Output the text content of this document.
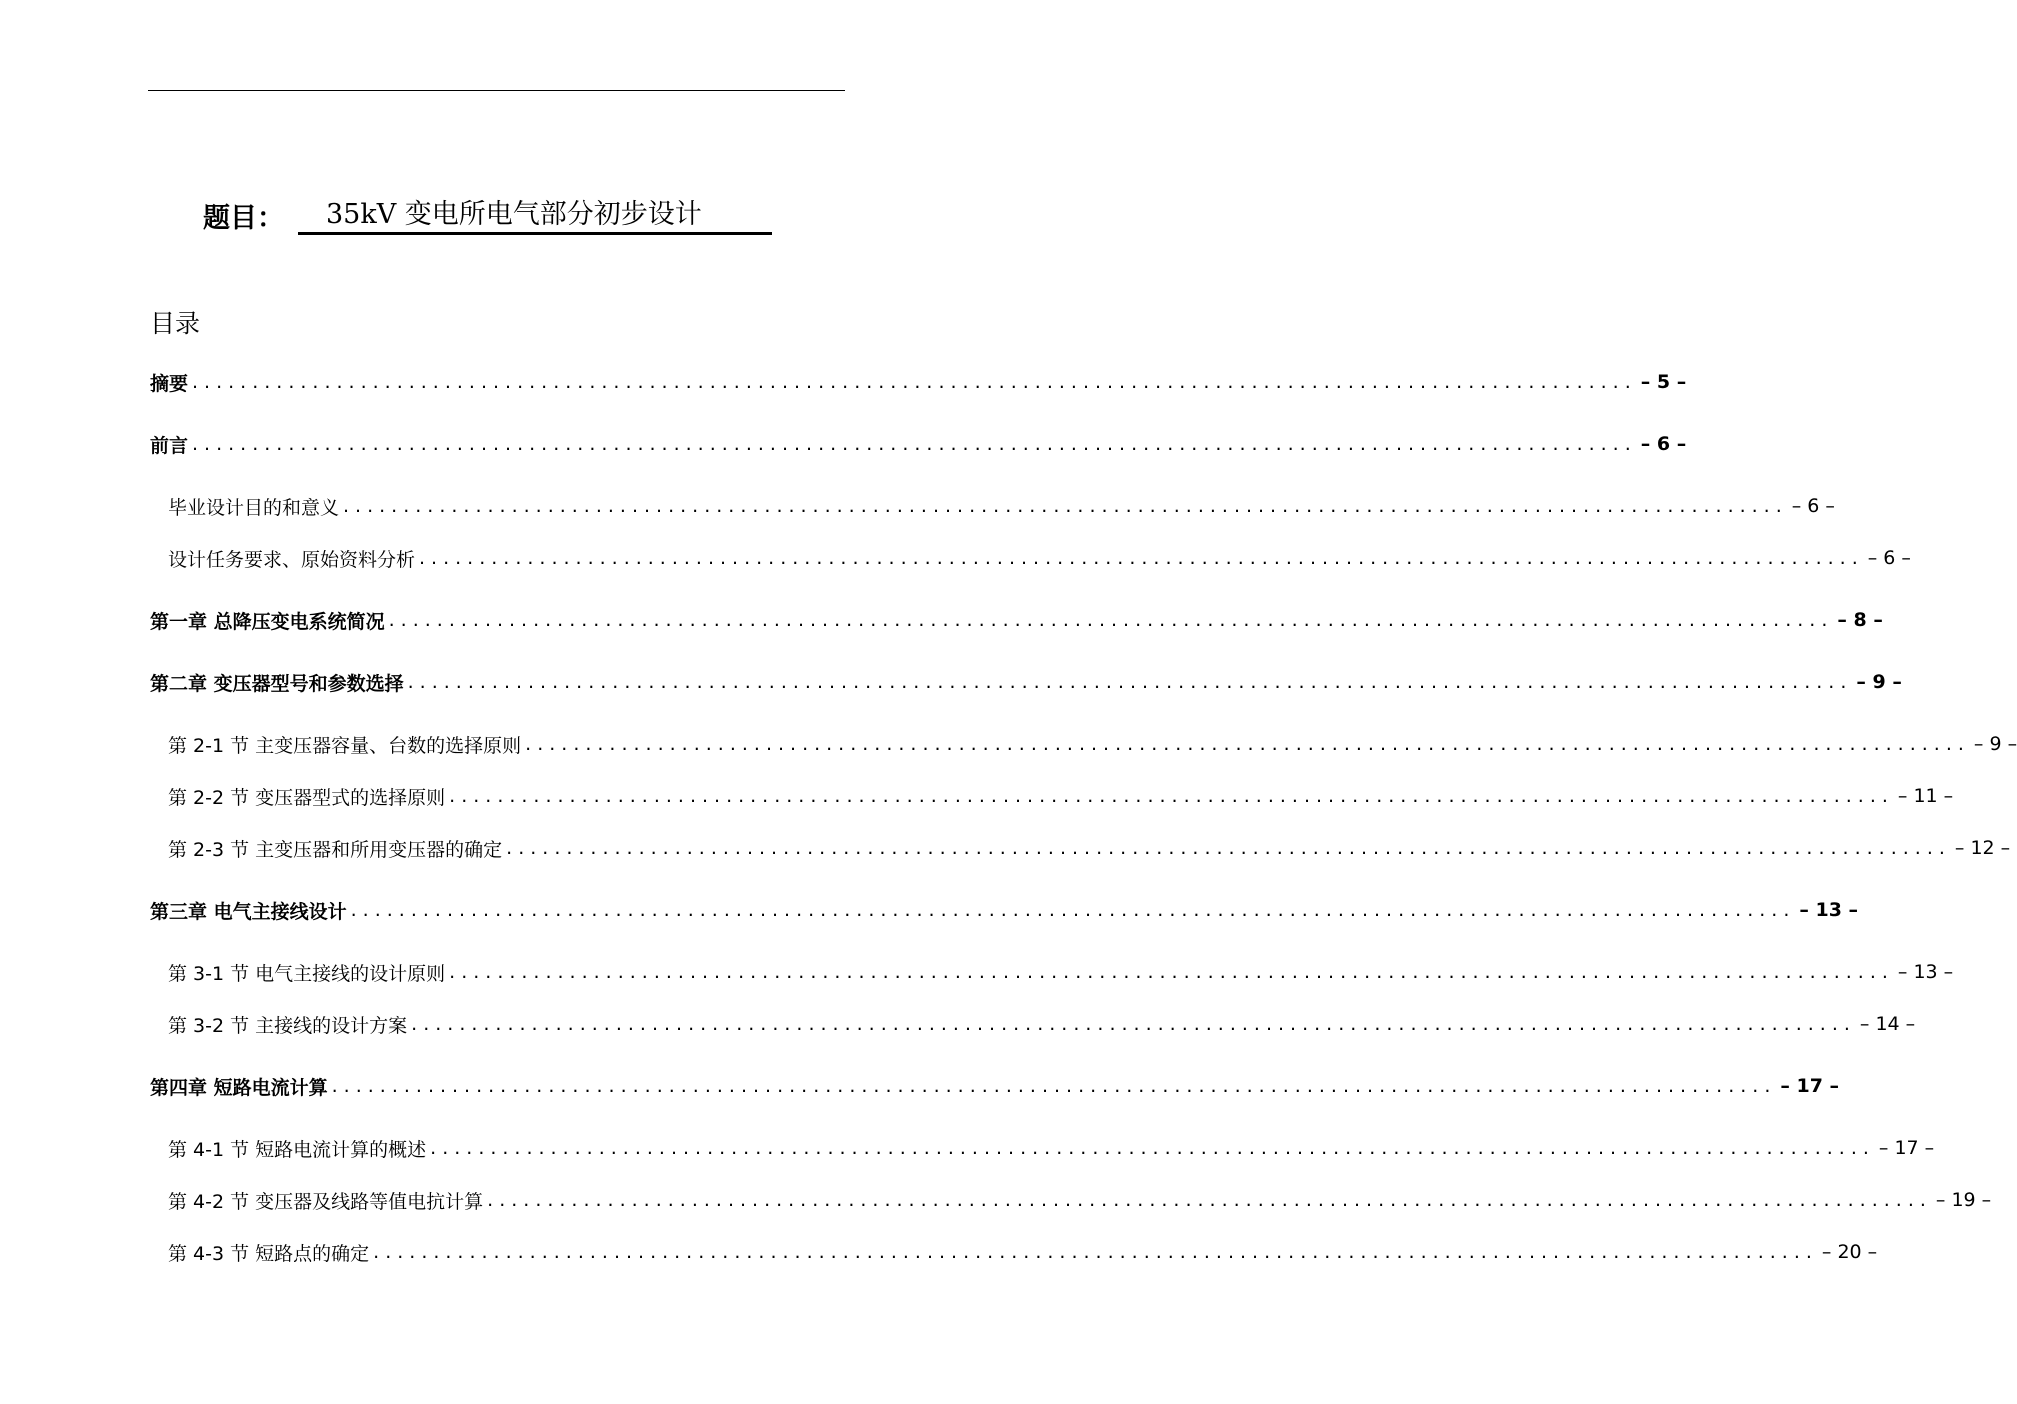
题目：	35kV 变电所电气部分初步设计
目录
摘要 ........................................................................................................................ – 5 –
前言 ........................................................................................................................ – 6 –
毕业设计目的和意义 ........................................................................................................................ – 6 –
设计任务要求、原始资料分析 ........................................................................................................................ – 6 –
第一章 总降压变电系统简况 ........................................................................................................................ – 8 –
第二章 变压器型号和参数选择 ........................................................................................................................ – 9 –
第 2-1 节 主变压器容量、台数的选择原则 ........................................................................................................................ – 9 –
第 2-2 节 变压器型式的选择原则 ........................................................................................................................ – 11 –
第 2-3 节 主变压器和所用变压器的确定 ........................................................................................................................ – 12 –
第三章 电气主接线设计 ........................................................................................................................ – 13 –
第 3-1 节 电气主接线的设计原则 ........................................................................................................................ – 13 –
第 3-2 节 主接线的设计方案 ........................................................................................................................ – 14 –
第四章 短路电流计算 ........................................................................................................................ – 17 –
第 4-1 节 短路电流计算的概述 ........................................................................................................................ – 17 –
第 4-2 节 变压器及线路等值电抗计算 ........................................................................................................................ – 19 –
第 4-3 节 短路点的确定 ........................................................................................................................ – 20 –
